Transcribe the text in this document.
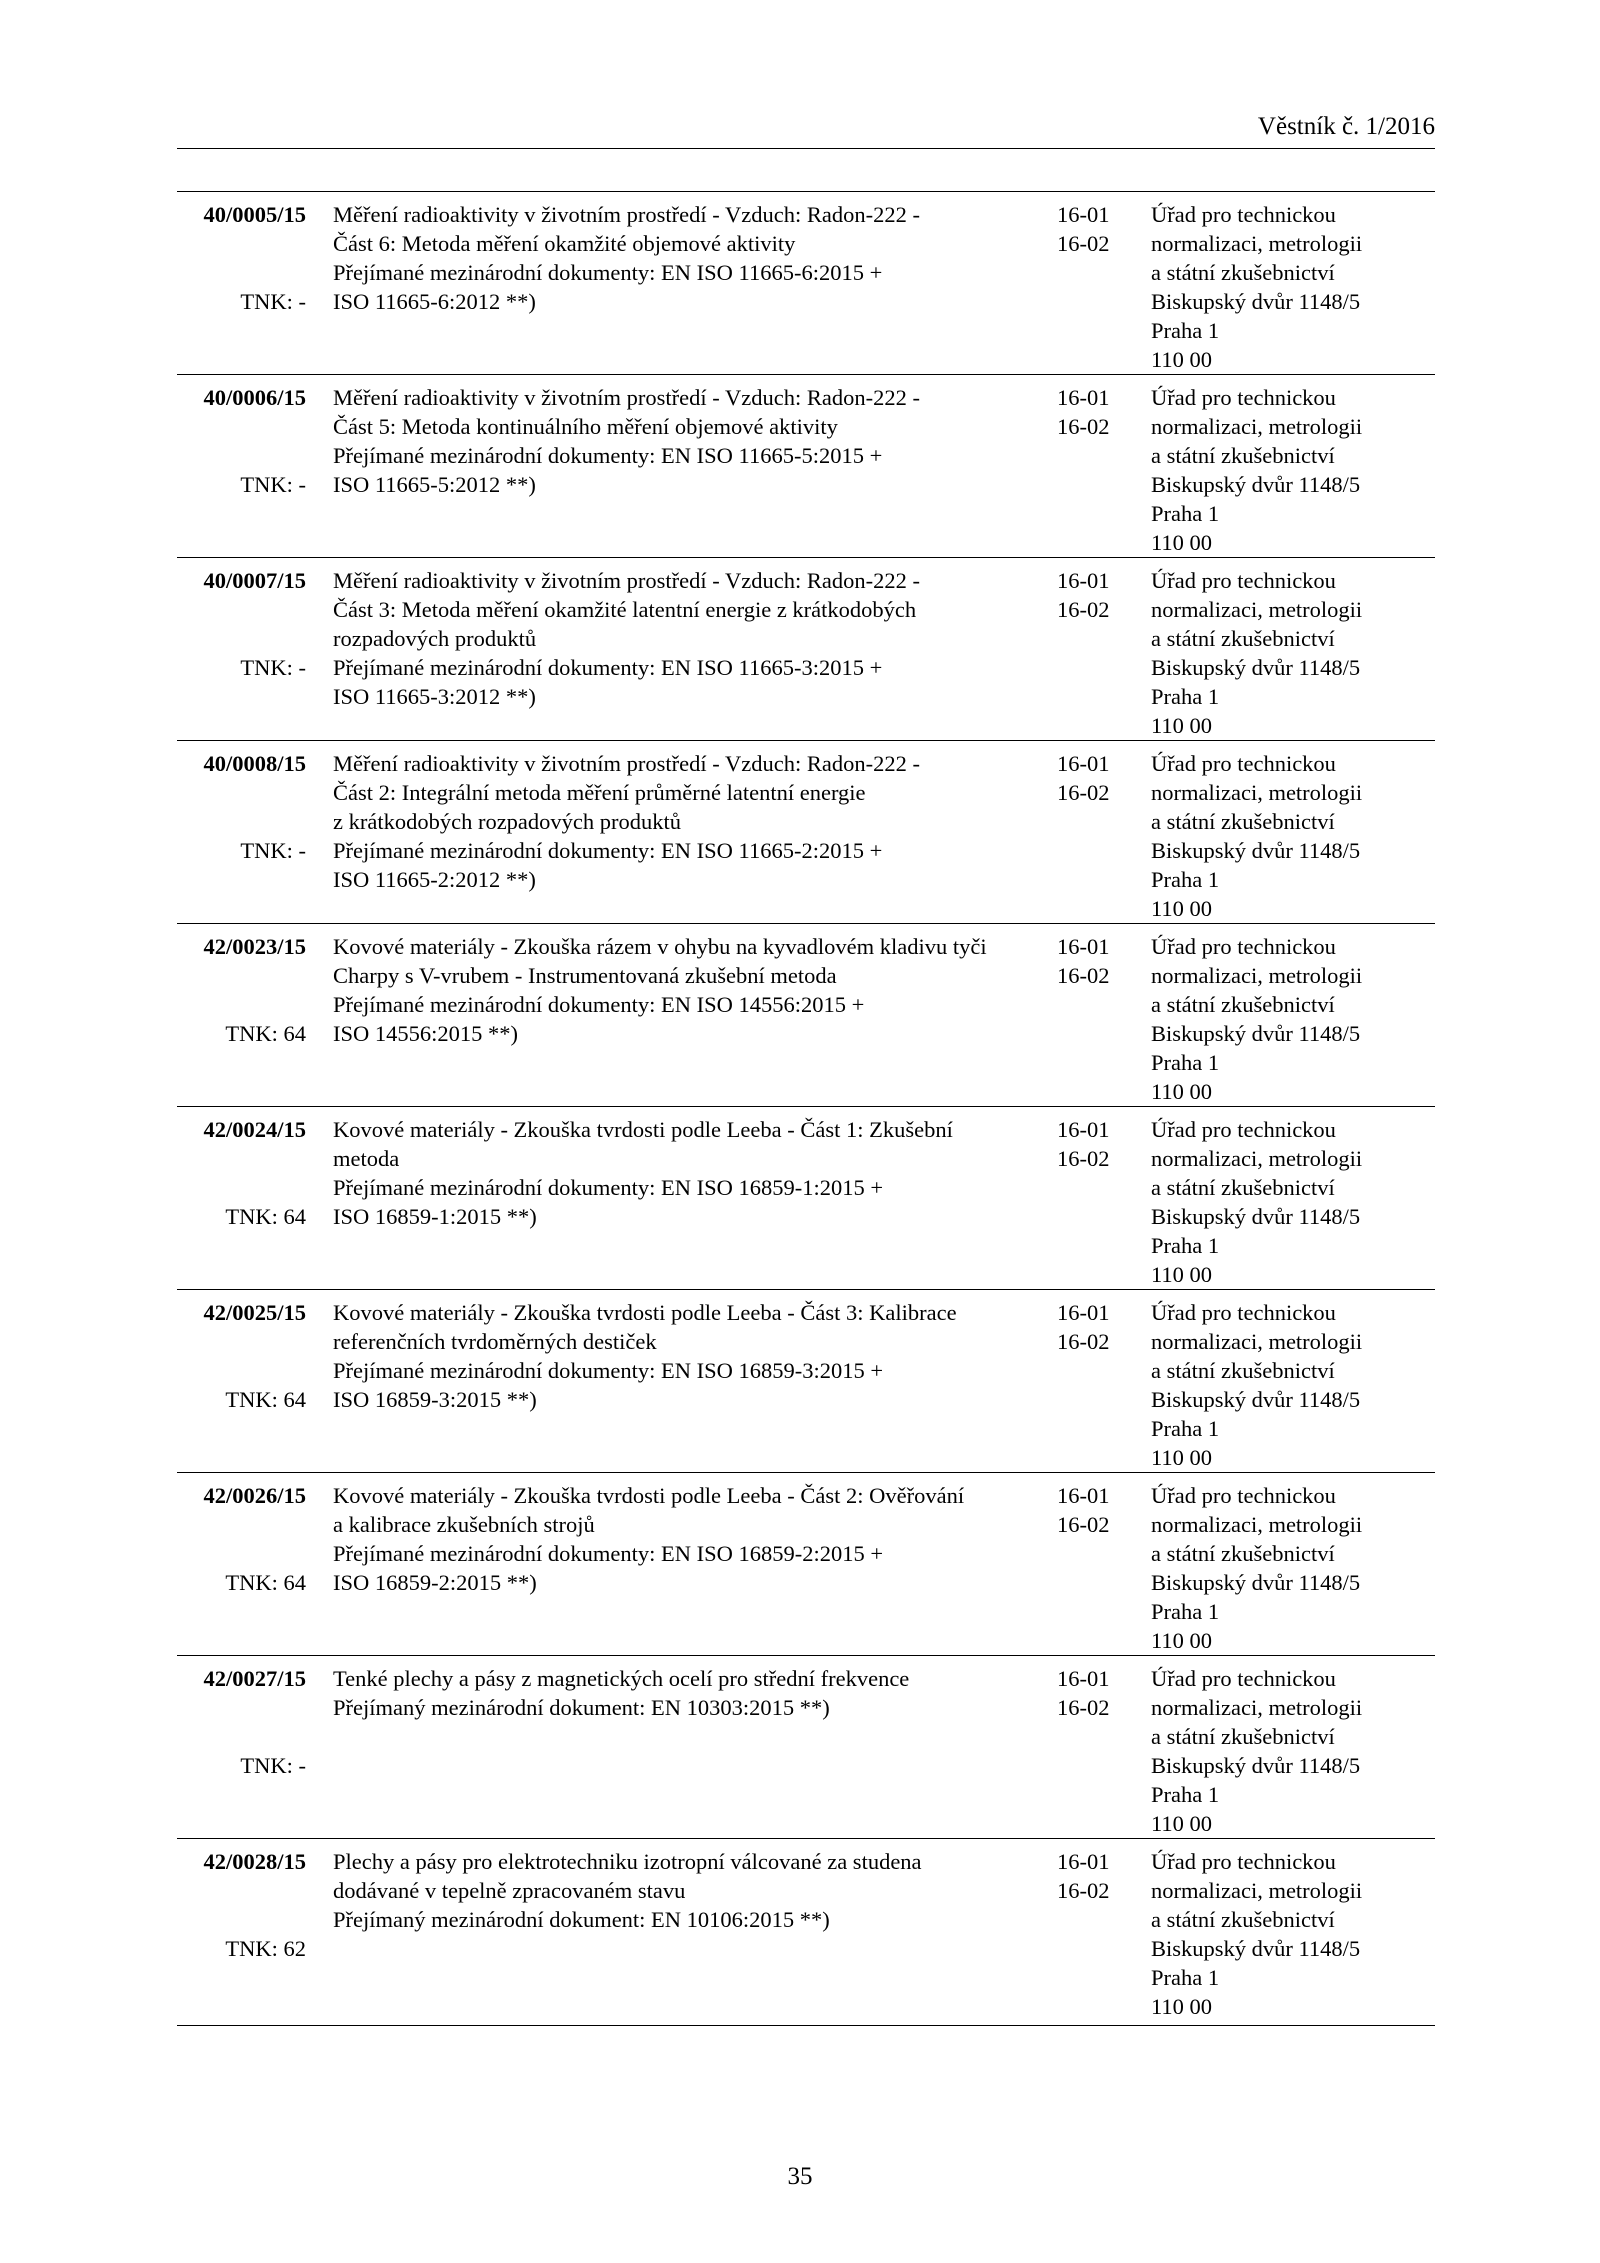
Věstník č. 1/2016
40/0005/15
TNK: -
Měření radioaktivity v životním prostředí - Vzduch: Radon-222 -
Část 6: Metoda měření okamžité objemové aktivity
Přejímané mezinárodní dokumenty: EN ISO 11665-6:2015 +
ISO 11665-6:2012 **)
16-01
16-02
Úřad pro technickou
normalizaci, metrologii
a státní zkušebnictví
Biskupský dvůr 1148/5
Praha 1
110 00
40/0006/15
TNK: -
Měření radioaktivity v životním prostředí - Vzduch: Radon-222 -
Část 5: Metoda kontinuálního měření objemové aktivity
Přejímané mezinárodní dokumenty: EN ISO 11665-5:2015 +
ISO 11665-5:2012 **)
16-01
16-02
Úřad pro technickou
normalizaci, metrologii
a státní zkušebnictví
Biskupský dvůr 1148/5
Praha 1
110 00
40/0007/15
TNK: -
Měření radioaktivity v životním prostředí - Vzduch: Radon-222 -
Část 3: Metoda měření okamžité latentní energie z krátkodobých
rozpadových produktů
Přejímané mezinárodní dokumenty: EN ISO 11665-3:2015 +
ISO 11665-3:2012 **)
16-01
16-02
Úřad pro technickou
normalizaci, metrologii
a státní zkušebnictví
Biskupský dvůr 1148/5
Praha 1
110 00
40/0008/15
TNK: -
Měření radioaktivity v životním prostředí - Vzduch: Radon-222 -
Část 2: Integrální metoda měření průměrné latentní energie
z krátkodobých rozpadových produktů
Přejímané mezinárodní dokumenty: EN ISO 11665-2:2015 +
ISO 11665-2:2012 **)
16-01
16-02
Úřad pro technickou
normalizaci, metrologii
a státní zkušebnictví
Biskupský dvůr 1148/5
Praha 1
110 00
42/0023/15
TNK: 64
Kovové materiály - Zkouška rázem v ohybu na kyvadlovém kladivu tyči
Charpy s V-vrubem - Instrumentovaná zkušební metoda
Přejímané mezinárodní dokumenty: EN ISO 14556:2015 +
ISO 14556:2015 **)
16-01
16-02
Úřad pro technickou
normalizaci, metrologii
a státní zkušebnictví
Biskupský dvůr 1148/5
Praha 1
110 00
42/0024/15
TNK: 64
Kovové materiály - Zkouška tvrdosti podle Leeba - Část 1: Zkušební
metoda
Přejímané mezinárodní dokumenty: EN ISO 16859-1:2015 +
ISO 16859-1:2015 **)
16-01
16-02
Úřad pro technickou
normalizaci, metrologii
a státní zkušebnictví
Biskupský dvůr 1148/5
Praha 1
110 00
42/0025/15
TNK: 64
Kovové materiály - Zkouška tvrdosti podle Leeba - Část 3: Kalibrace
referenčních tvrdoměrných destiček
Přejímané mezinárodní dokumenty: EN ISO 16859-3:2015 +
ISO 16859-3:2015 **)
16-01
16-02
Úřad pro technickou
normalizaci, metrologii
a státní zkušebnictví
Biskupský dvůr 1148/5
Praha 1
110 00
42/0026/15
TNK: 64
Kovové materiály - Zkouška tvrdosti podle Leeba - Část 2: Ověřování
a kalibrace zkušebních strojů
Přejímané mezinárodní dokumenty: EN ISO 16859-2:2015 +
ISO 16859-2:2015 **)
16-01
16-02
Úřad pro technickou
normalizaci, metrologii
a státní zkušebnictví
Biskupský dvůr 1148/5
Praha 1
110 00
42/0027/15
TNK: -
Tenké plechy a pásy z magnetických ocelí pro střední frekvence
Přejímaný mezinárodní dokument: EN 10303:2015 **)
16-01
16-02
Úřad pro technickou
normalizaci, metrologii
a státní zkušebnictví
Biskupský dvůr 1148/5
Praha 1
110 00
42/0028/15
TNK: 62
Plechy a pásy pro elektrotechniku izotropní válcované za studena
dodávané v tepelně zpracovaném stavu
Přejímaný mezinárodní dokument: EN 10106:2015 **)
16-01
16-02
Úřad pro technickou
normalizaci, metrologii
a státní zkušebnictví
Biskupský dvůr 1148/5
Praha 1
110 00
35
